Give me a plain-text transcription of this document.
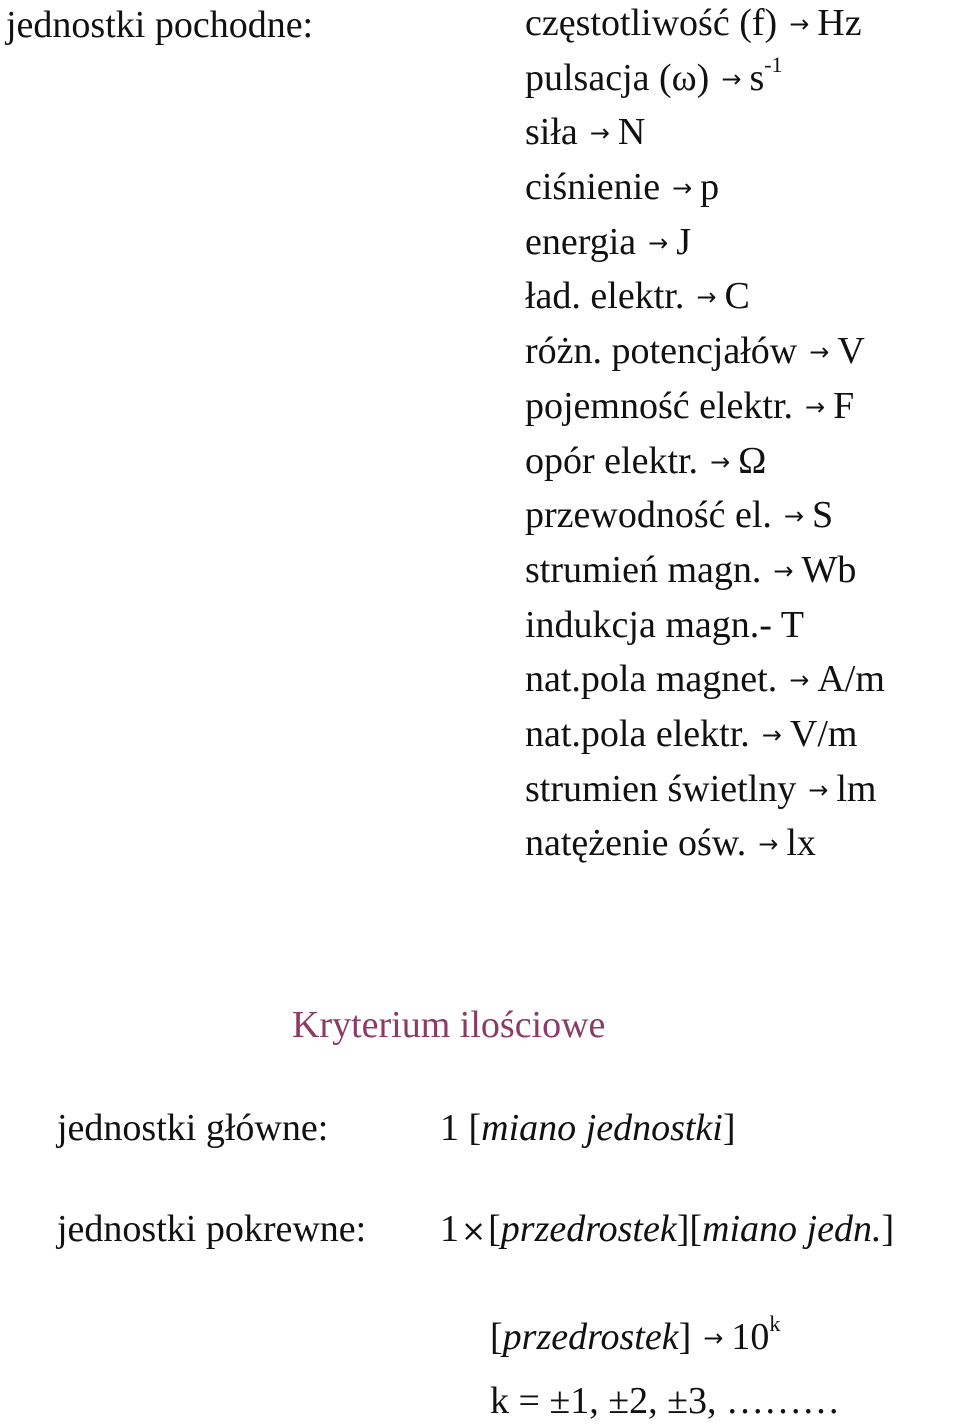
jednostki pochodne:	częstotliwość (f) → Hz
pulsacja $(\omega) \to s^{-1}$
siła → N
ciśnienie → p
energia → J
ład. elektr. → C
różn. potencjałów → V
pojemność elektr. → F
opór elektr. → Ω
przewodność el. → S
strumień magn. → Wb
indukcja magn.- T
nat.pola magnet. → A/m
nat.pola elektr. → V/m
strumien świetlny → lm
natężenie ośw. → lx
Kryterium ilościowe
jednostki główne:	1 [miano jednostki]
jednostki pokrewne: 1×[przedrostek][miano jedn.]
[przedrostek] → $10^k$
k = ±1, ±2, ±3, ………
